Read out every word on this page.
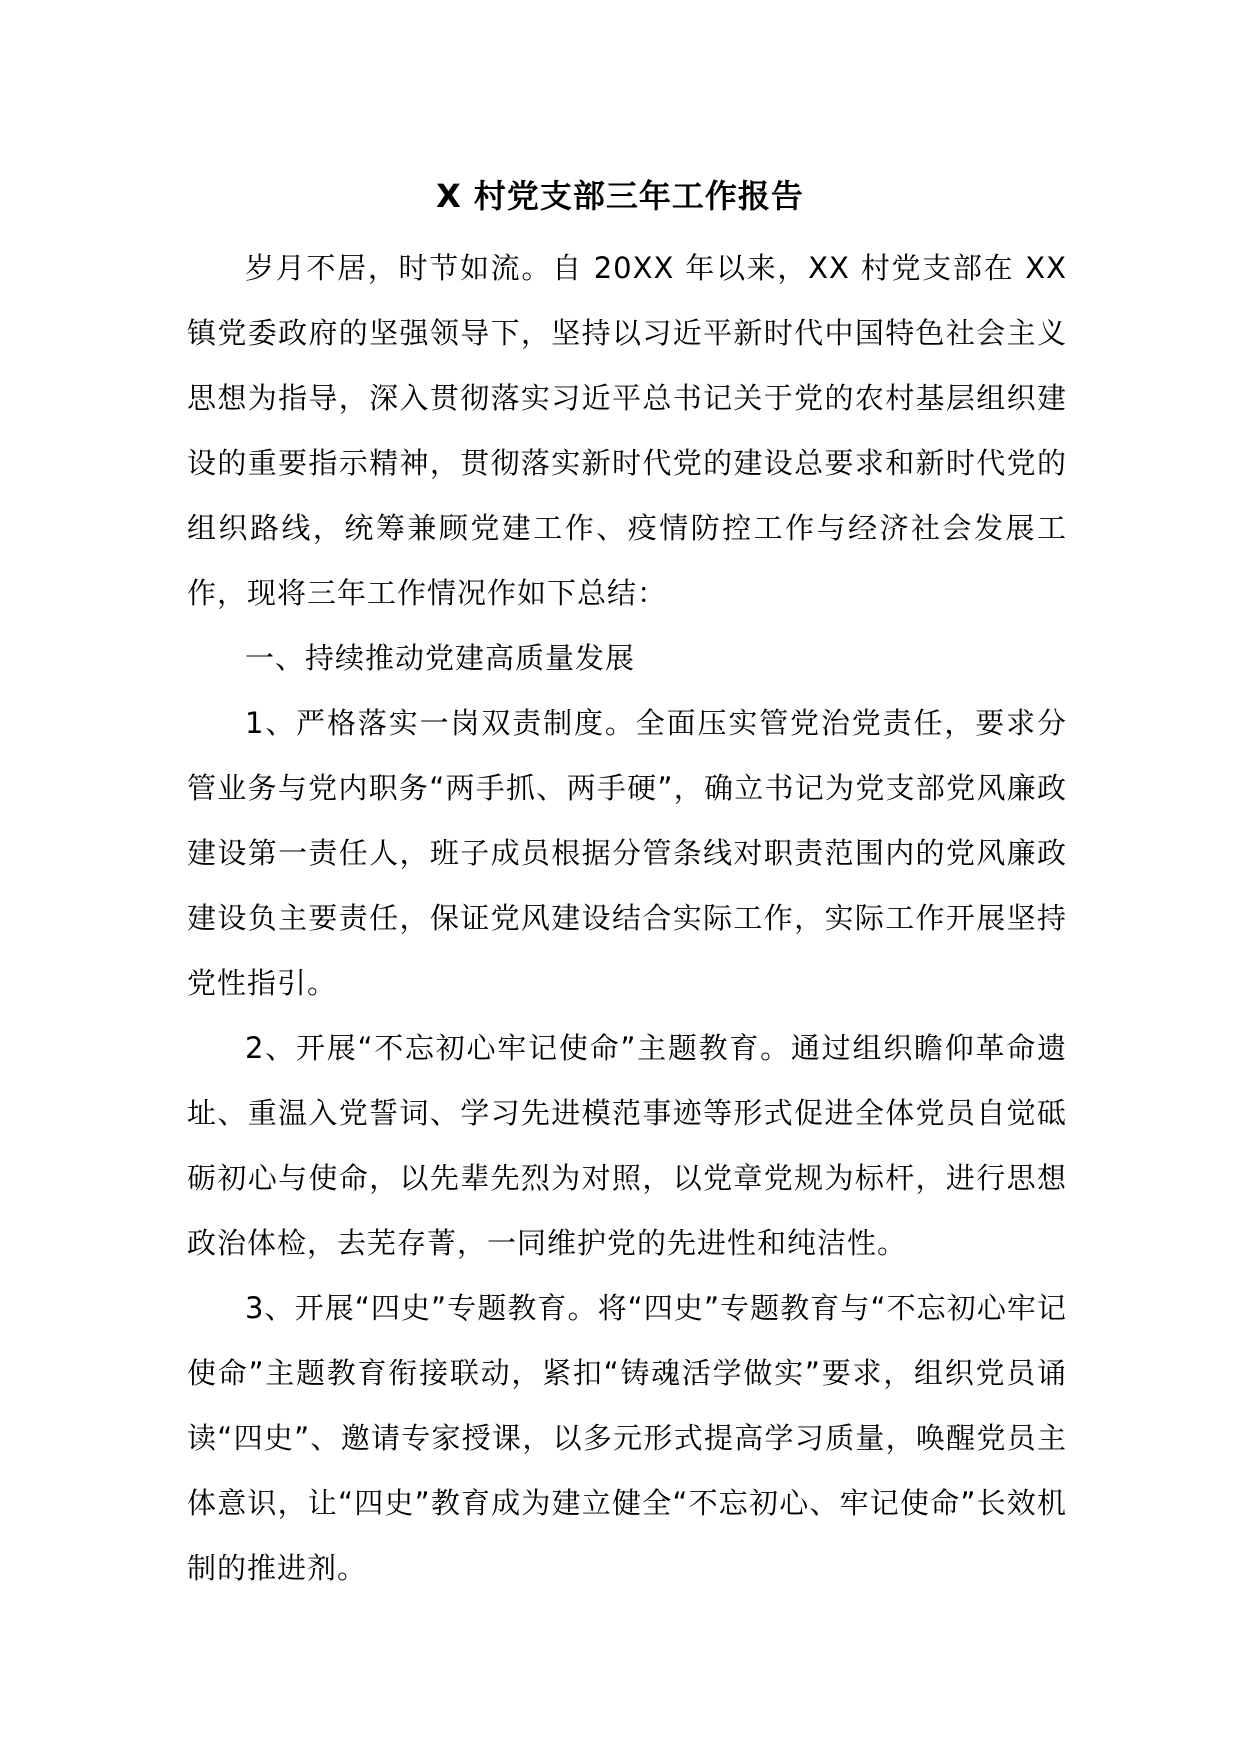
X 村党支部三年工作报告

岁月不居，时节如流。自 20XX 年以来，XX 村党支部在 XX 镇党委政府的坚强领导下，坚持以习近平新时代中国特色社会主义思想为指导，深入贯彻落实习近平总书记关于党的农村基层组织建设的重要指示精神，贯彻落实新时代党的建设总要求和新时代党的组织路线，统筹兼顾党建工作、疫情防控工作与经济社会发展工作，现将三年工作情况作如下总结：

一、持续推动党建高质量发展

1、严格落实一岗双责制度。全面压实管党治党责任，要求分管业务与党内职务“两手抓、两手硬”，确立书记为党支部党风廉政建设第一责任人，班子成员根据分管条线对职责范围内的党风廉政建设负主要责任，保证党风建设结合实际工作，实际工作开展坚持党性指引。

2、开展“不忘初心牢记使命”主题教育。通过组织瞻仰革命遗址、重温入党誓词、学习先进模范事迹等形式促进全体党员自觉砥砺初心与使命，以先辈先烈为对照，以党章党规为标杆，进行思想政治体检，去芜存菁，一同维护党的先进性和纯洁性。

3、开展“四史”专题教育。将“四史”专题教育与“不忘初心牢记使命”主题教育衔接联动，紧扣“铸魂活学做实”要求，组织党员诵读“四史”、邀请专家授课，以多元形式提高学习质量，唤醒党员主体意识，让“四史”教育成为建立健全“不忘初心、牢记使命”长效机制的推进剂。
